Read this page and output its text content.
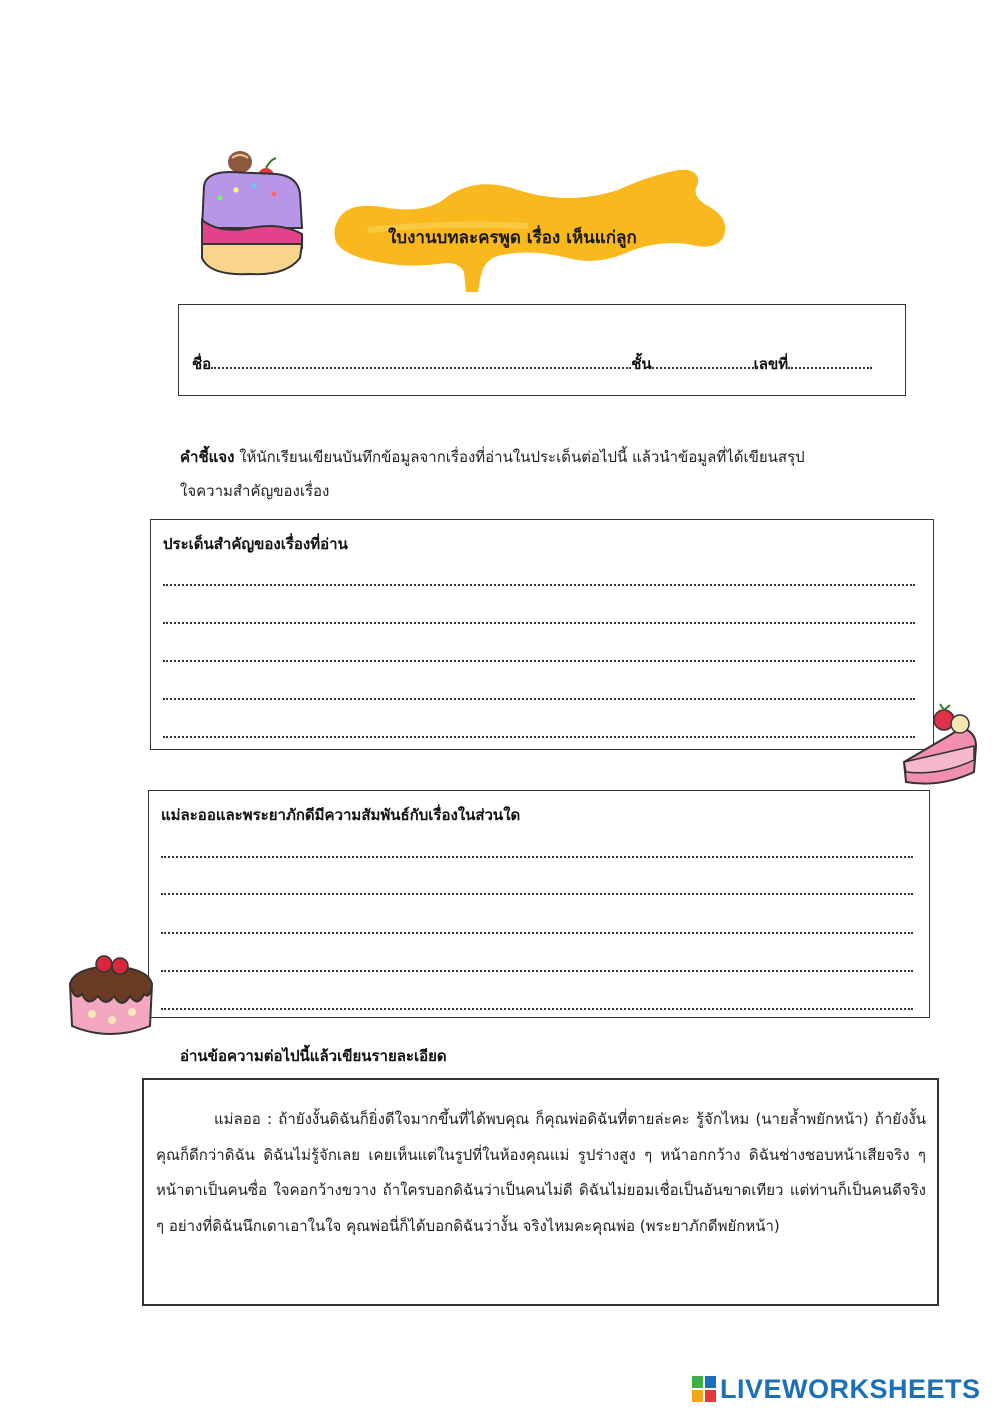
ใบงานบทละครพูด เรื่อง เห็นแก่ลูก
ชื่อ	ชั้น	เลขที่
คำชี้แจง ให้นักเรียนเขียนบันทึกข้อมูลจากเรื่องที่อ่านในประเด็นต่อไปนี้ แล้วนำข้อมูลที่ได้เขียนสรุป
ใจความสำคัญของเรื่อง
ประเด็นสำคัญของเรื่องที่อ่าน
แม่ละออและพระยาภักดีมีความสัมพันธ์กับเรื่องในส่วนใด
อ่านข้อความต่อไปนี้แล้วเขียนรายละเอียด
แม่ลออ : ถ้ายังงั้นดิฉันก็ยิ่งดีใจมากขึ้นที่ได้พบคุณ ก็คุณพ่อดิฉันที่ตายล่ะคะ รู้จักไหม (นายล้ำพยักหน้า) ถ้ายังงั้นคุณก็ดีกว่าดิฉัน ดิฉันไม่รู้จักเลย เคยเห็นแต่ในรูปที่ในห้องคุณแม่ รูปร่างสูง ๆ หน้าอกกว้าง ดิฉันช่างชอบหน้าเสียจริง ๆ หน้าตาเป็นคนซื่อ ใจคอกว้างขวาง ถ้าใครบอกดิฉันว่าเป็นคนไม่ดี ดิฉันไม่ยอมเชื่อเป็นอันขาดเทียว แต่ท่านก็เป็นคนดีจริง ๆ อย่างที่ดิฉันนึกเดาเอาในใจ คุณพ่อนี่ก็ได้บอกดิฉันว่างั้น จริงไหมคะคุณพ่อ (พระยาภักดีพยักหน้า)
LIVEWORKSHEETS
